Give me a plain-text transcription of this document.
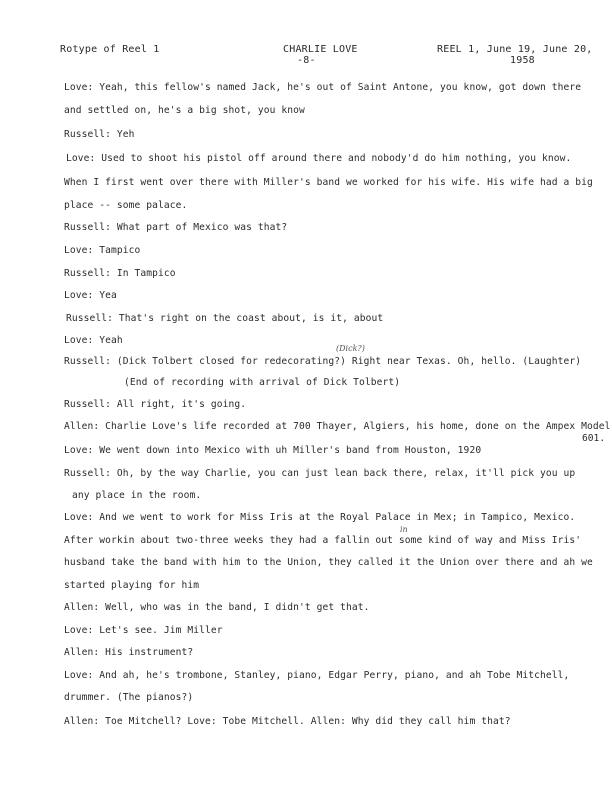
Rotype of Reel 1	CHARLIE LOVE
-8-
REEL 1, June 19, June 20,
1958
Love: Yeah, this fellow's named Jack, he's out of Saint Antone, you know, got down there
and settled on, he's a big shot, you know
Russell: Yeh
Love: Used to shoot his pistol off around there and nobody'd do him nothing, you know.
When I first went over there with Miller's band we worked for his wife. His wife had a big
place -- some palace.
Russell: What part of Mexico was that?
Love: Tampico
Russell: In Tampico
Love: Yea
Russell: That's right on the coast about, is it, about
Love: Yeah
(Dick?)
Russell: (Dick Tolbert closed for redecorating?) Right near Texas. Oh, hello. (Laughter)
(End of recording with arrival of Dick Tolbert)
Russell: All right, it's going.
Allen: Charlie Love's life recorded at 700 Thayer, Algiers, his home, done on the Ampex Model
601.
Love: We went down into Mexico with uh Miller's band from Houston, 1920
Russell: Oh, by the way Charlie, you can just lean back there, relax, it'll pick you up
any place in the room.
Love: And we went to work for Miss Iris at the Royal Palace in Mex; in Tampico, Mexico.
in
After workin about two-three weeks they had a fallin out some kind of way and Miss Iris'
husband take the band with him to the Union, they called it the Union over there and ah we
started playing for him
Allen: Well, who was in the band, I didn't get that.
Love: Let's see. Jim Miller
Allen: His instrument?
Love: And ah, he's trombone, Stanley, piano, Edgar Perry, piano, and ah Tobe Mitchell,
drummer. (The pianos?)
Allen: Toe Mitchell? Love: Tobe Mitchell. Allen: Why did they call him that?
